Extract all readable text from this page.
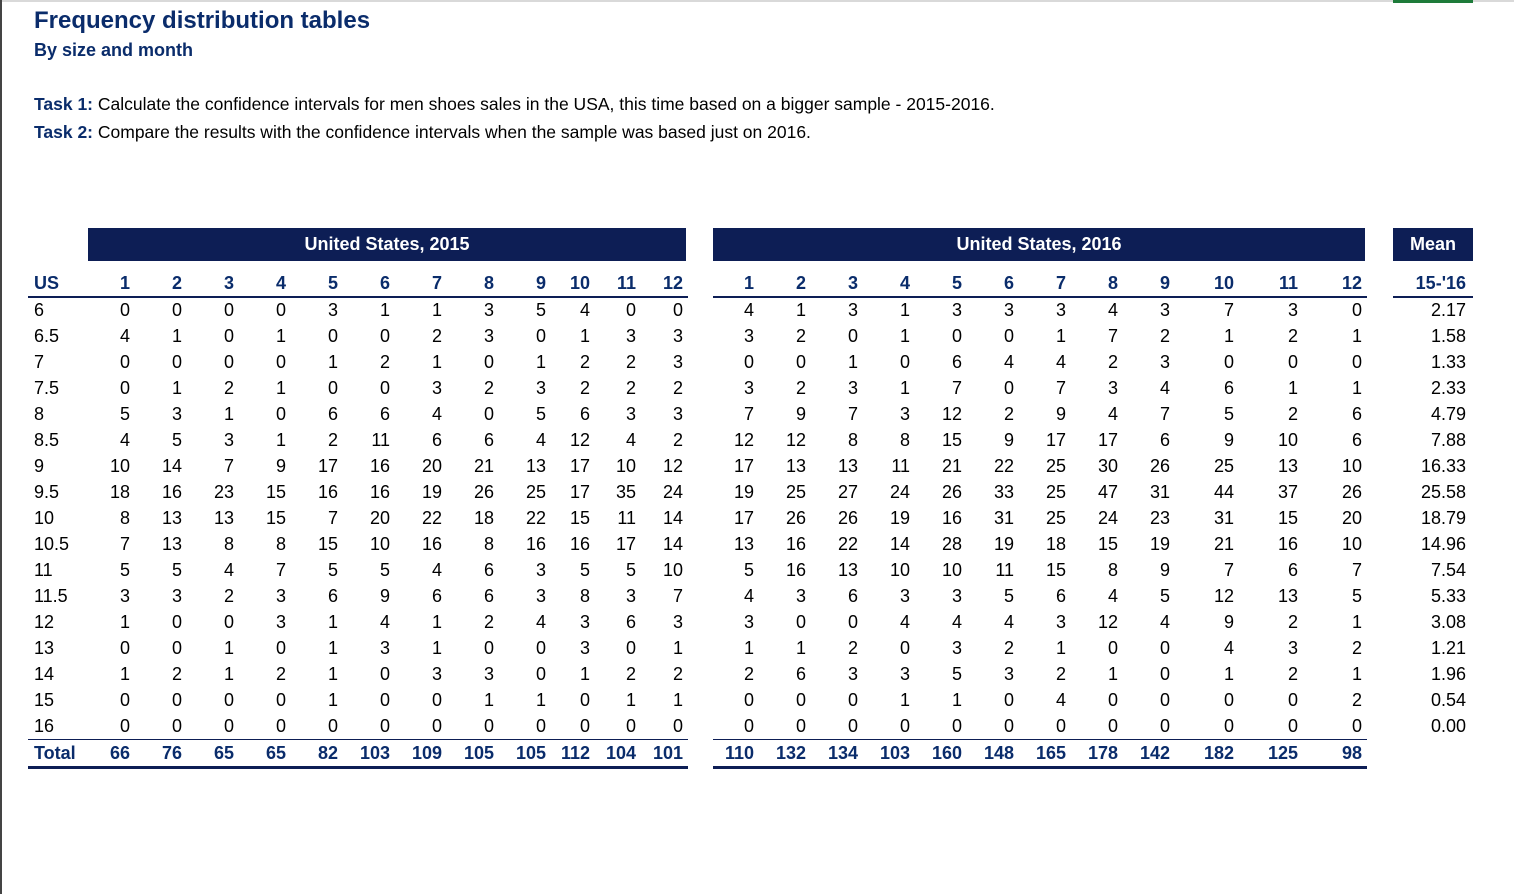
Frequency distribution tables
By size and month
Task 1: Calculate the confidence intervals for men shoes sales in the USA, this time based on a bigger sample - 2015-2016.
Task 2: Compare the results with the confidence intervals when the sample was based just on 2016.
United States, 2015	United States, 2016	Mean
US	1	2	3	4	5	6	7	8	9	10	11	12	1	2	3	4	5	6	7	8	9	10	11	12	15-'16
6	0	0	0	0	3	1	1	3	5	4	0	0	4	1	3	1	3	3	3	4	3	7	3	0	2.17
6.5	4	1	0	1	0	0	2	3	0	1	3	3	3	2	0	1	0	0	1	7	2	1	2	1	1.58
7	0	0	0	0	1	2	1	0	1	2	2	3	0	0	1	0	6	4	4	2	3	0	0	0	1.33
7.5	0	1	2	1	0	0	3	2	3	2	2	2	3	2	3	1	7	0	7	3	4	6	1	1	2.33
8	5	3	1	0	6	6	4	0	5	6	3	3	7	9	7	3	12	2	9	4	7	5	2	6	4.79
8.5	4	5	3	1	2	11	6	6	4	12	4	2	12	12	8	8	15	9	17	17	6	9	10	6	7.88
9	10	14	7	9	17	16	20	21	13	17	10	12	17	13	13	11	21	22	25	30	26	25	13	10	16.33
9.5	18	16	23	15	16	16	19	26	25	17	35	24	19	25	27	24	26	33	25	47	31	44	37	26	25.58
10	8	13	13	15	7	20	22	18	22	15	11	14	17	26	26	19	16	31	25	24	23	31	15	20	18.79
10.5	7	13	8	8	15	10	16	8	16	16	17	14	13	16	22	14	28	19	18	15	19	21	16	10	14.96
11	5	5	4	7	5	5	4	6	3	5	5	10	5	16	13	10	10	11	15	8	9	7	6	7	7.54
11.5	3	3	2	3	6	9	6	6	3	8	3	7	4	3	6	3	3	5	6	4	5	12	13	5	5.33
12	1	0	0	3	1	4	1	2	4	3	6	3	3	0	0	4	4	4	3	12	4	9	2	1	3.08
13	0	0	1	0	1	3	1	0	0	3	0	1	1	1	2	0	3	2	1	0	0	4	3	2	1.21
14	1	2	1	2	1	0	3	3	0	1	2	2	2	6	3	3	5	3	2	1	0	1	2	1	1.96
15	0	0	0	0	1	0	0	1	1	0	1	1	0	0	0	1	1	0	4	0	0	0	0	2	0.54
16	0	0	0	0	0	0	0	0	0	0	0	0	0	0	0	0	0	0	0	0	0	0	0	0	0.00
Total	66	76	65	65	82	103	109	105	105 112 104 101	110	132	134	103	160	148	165	178	142	182	125	98
